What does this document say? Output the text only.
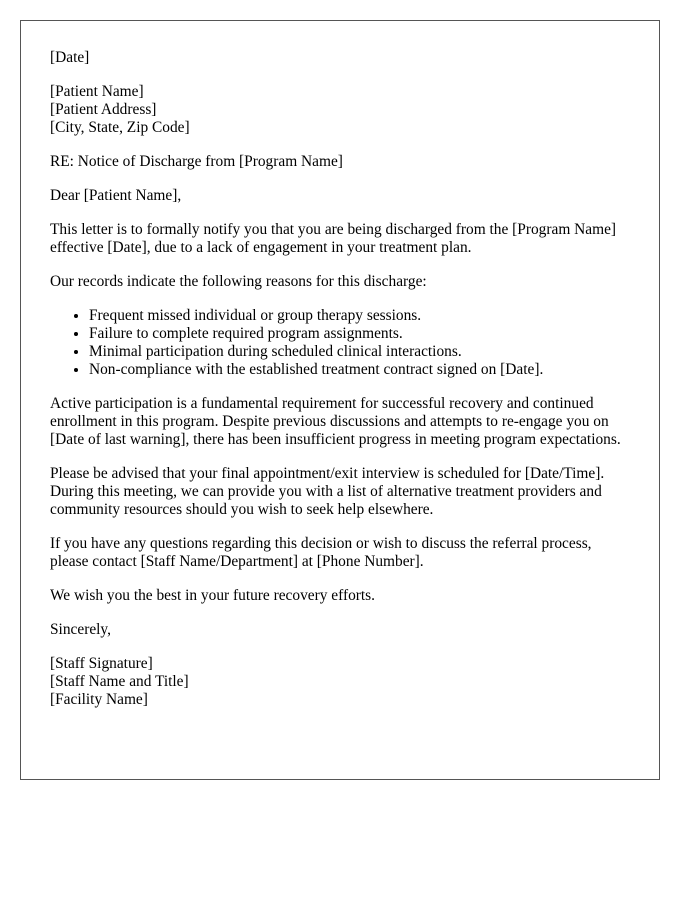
[Date]
[Patient Name]
[Patient Address]
[City, State, Zip Code]

RE: Notice of Discharge from [Program Name]

Dear [Patient Name],

This letter is to formally notify you that you are being discharged from the [Program Name] effective [Date], due to a lack of engagement in your treatment plan.

Our records indicate the following reasons for this discharge:

• Frequent missed individual or group therapy sessions.
• Failure to complete required program assignments.
• Minimal participation during scheduled clinical interactions.
• Non-compliance with the established treatment contract signed on [Date].

Active participation is a fundamental requirement for successful recovery and continued enrollment in this program. Despite previous discussions and attempts to re-engage you on [Date of last warning], there has been insufficient progress in meeting program expectations.

Please be advised that your final appointment/exit interview is scheduled for [Date/Time]. During this meeting, we can provide you with a list of alternative treatment providers and community resources should you wish to seek help elsewhere.

If you have any questions regarding this decision or wish to discuss the referral process, please contact [Staff Name/Department] at [Phone Number].

We wish you the best in your future recovery efforts.

Sincerely,

[Staff Signature]
[Staff Name and Title]
[Facility Name]
